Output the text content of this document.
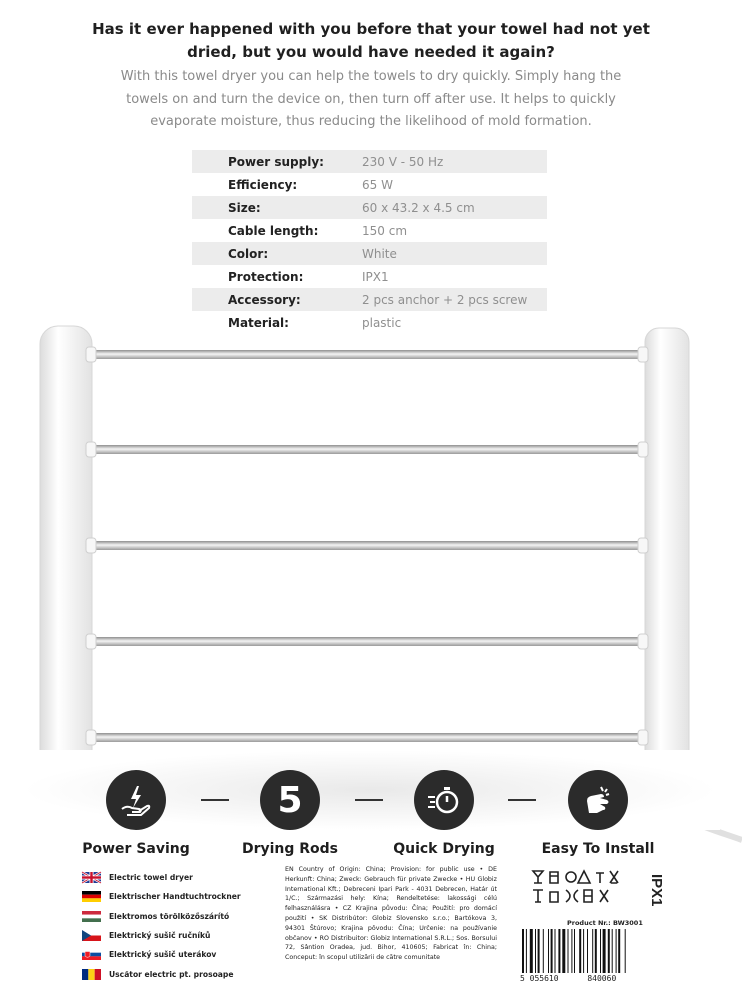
Has it ever happened with you before that your towel had not yet dried, but you would have needed it again?
With this towel dryer you can help the towels to dry quickly. Simply hang the towels on and turn the device on, then turn off after use. It helps to quickly evaporate moisture, thus reducing the likelihood of mold formation.
Power supply:	230 V - 50 Hz
Efficiency:	65 W
Size:	60 x 43.2 x 4.5 cm
Cable length:	150 cm
Color:	White
Protection:	IPX1
Accessory:	2 pcs anchor + 2 pcs screw
Material:	plastic
Power Saving
5
Drying Rods	Quick Drying	Easy To Install
Electric towel dryer
Elektrischer Handtuchtrockner
Elektromos törölközőszárító
Elektrický sušič ručníků
Elektrický sušič uterákov
Uscător electric pt. prosoape
EN Country of Origin: China; Provision: for public use • DE Herkunft: China; Zweck: Gebrauch für private Zwecke • HU Globiz International Kft.; Debreceni Ipari Park - 4031 Debrecen, Határ út 1/C.; Származási hely: Kína; Rendeltetése: lakossági célú felhasználásra • CZ Krajina původu: Čína; Použití: pro domácí použití • SK Distribútor: Globiz Slovensko s.r.o.; Bartókova 3, 94301 Štúrovo; Krajina pôvodu: Čína; Určenie: na používanie občanov • RO Distribuitor: Globiz International S.R.L.; Sos. Borsului 72, Sântion Oradea, jud. Bihor, 410605; Fabricat în: China; Conceput: în scopul utilizării de către comunitate
IPX1
Product Nr.: BW3001
5 055610	840060
